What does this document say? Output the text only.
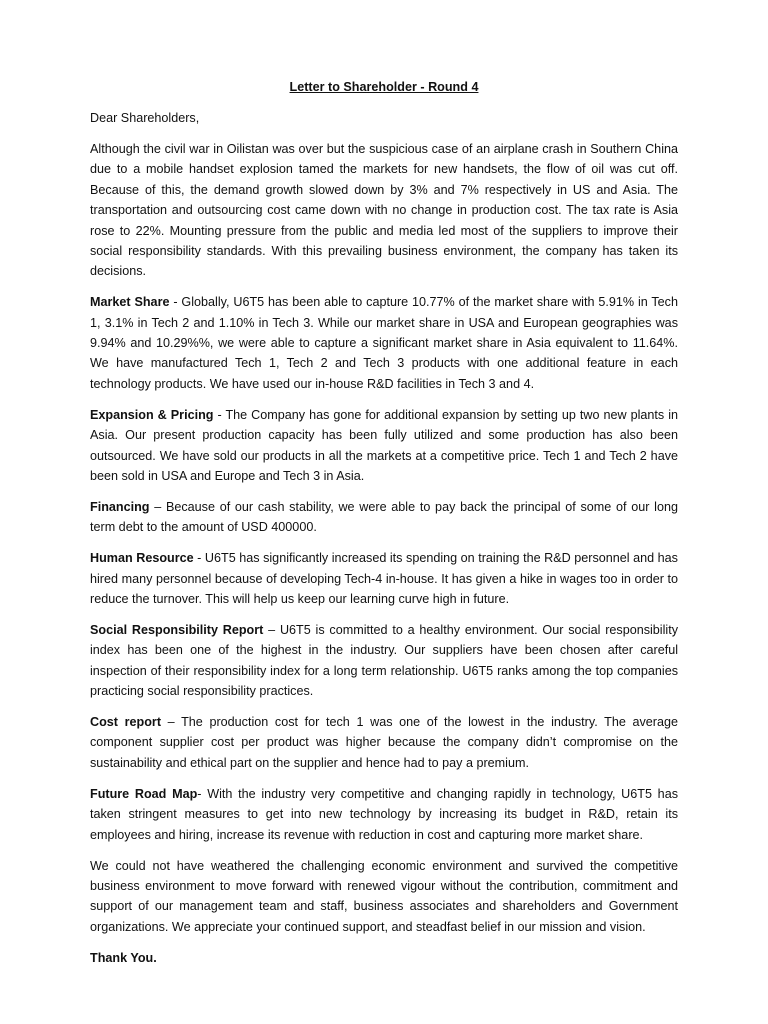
Letter to Shareholder - Round 4

Dear Shareholders,

Although the civil war in Oilistan was over but the suspicious case of an airplane crash in Southern China due to a mobile handset explosion tamed the markets for new handsets, the flow of oil was cut off. Because of this, the demand growth slowed down by 3% and 7% respectively in US and Asia. The transportation and outsourcing cost came down with no change in production cost. The tax rate is Asia rose to 22%. Mounting pressure from the public and media led most of the suppliers to improve their social responsibility standards. With this prevailing business environment, the company has taken its decisions.

Market Share - Globally, U6T5 has been able to capture 10.77% of the market share with 5.91% in Tech 1, 3.1% in Tech 2 and 1.10% in Tech 3. While our market share in USA and European geographies was 9.94% and 10.29%%, we were able to capture a significant market share in Asia equivalent to 11.64%. We have manufactured Tech 1, Tech 2 and Tech 3 products with one additional feature in each technology products. We have used our in-house R&D facilities in Tech 3 and 4.

Expansion & Pricing - The Company has gone for additional expansion by setting up two new plants in Asia. Our present production capacity has been fully utilized and some production has also been outsourced. We have sold our products in all the markets at a competitive price. Tech 1 and Tech 2 have been sold in USA and Europe and Tech 3 in Asia.

Financing – Because of our cash stability, we were able to pay back the principal of some of our long term debt to the amount of USD 400000.

Human Resource - U6T5 has significantly increased its spending on training the R&D personnel and has hired many personnel because of developing Tech-4 in-house. It has given a hike in wages too in order to reduce the turnover. This will help us keep our learning curve high in future.

Social Responsibility Report – U6T5 is committed to a healthy environment. Our social responsibility index has been one of the highest in the industry. Our suppliers have been chosen after careful inspection of their responsibility index for a long term relationship. U6T5 ranks among the top companies practicing social responsibility practices.

Cost report – The production cost for tech 1 was one of the lowest in the industry. The average component supplier cost per product was higher because the company didn’t compromise on the sustainability and ethical part on the supplier and hence had to pay a premium.

Future Road Map- With the industry very competitive and changing rapidly in technology, U6T5 has taken stringent measures to get into new technology by increasing its budget in R&D, retain its employees and hiring, increase its revenue with reduction in cost and capturing more market share.

We could not have weathered the challenging economic environment and survived the competitive business environment to move forward with renewed vigour without the contribution, commitment and support of our management team and staff, business associates and shareholders and Government organizations. We appreciate your continued support, and steadfast belief in our mission and vision.

Thank You.
